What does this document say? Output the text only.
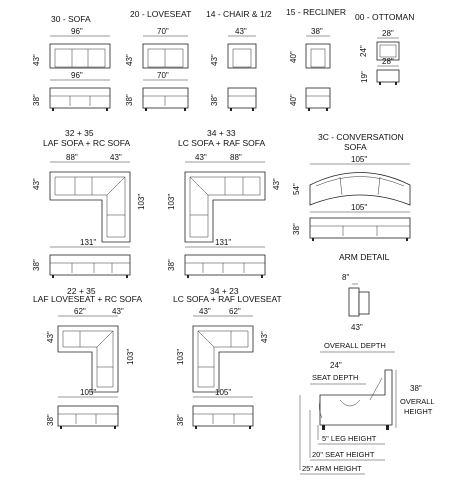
30 - SOFA
96"
43"
96"
38"
20 - LOVESEAT
70"
43"
70"
38"
14 - CHAIR & 1/2
43"
43"
38"
15 - RECLINER
38"
40"
40"
00 - OTTOMAN
28"
24"
28"
19"
32 + 35
LAF SOFA + RC SOFA
88"	43"
43"
103"
131"
38"
34 + 33
LC SOFA + RAF SOFA
43"	88"
103"
43"
131"
38"
3C - CONVERSATION
SOFA
105"
54"
105"
38"
ARM DETAIL
8"
43"
OVERALL DEPTH
22 + 35
LAF LOVESEAT + RC SOFA
62"	43"
43"
103"
105"
38"
34 + 23
LC SOFA + RAF LOVESEAT
43" 62"
103"
43"
105"
38"
24"
SEAT DEPTH
38"
OVERALL
HEIGHT
5" LEG HEIGHT
20" SEAT HEIGHT
25" ARM HEIGHT
